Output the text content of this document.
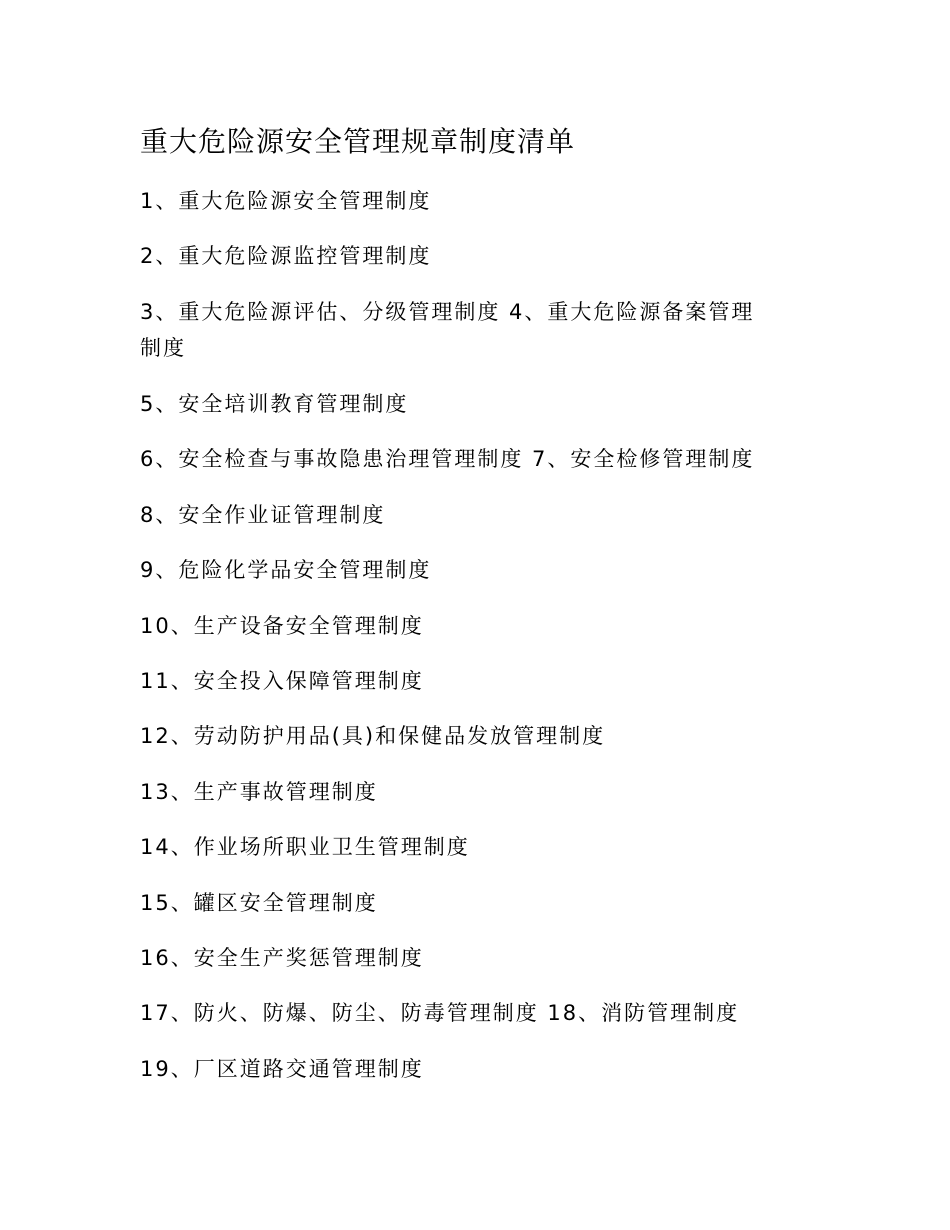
重大危险源安全管理规章制度清单
1、重大危险源安全管理制度
2、重大危险源监控管理制度
3、重大危险源评估、分级管理制度 4、重大危险源备案管理
制度
5、安全培训教育管理制度
6、安全检查与事故隐患治理管理制度 7、安全检修管理制度
8、安全作业证管理制度
9、危险化学品安全管理制度
10、生产设备安全管理制度
11、安全投入保障管理制度
12、劳动防护用品(具)和保健品发放管理制度
13、生产事故管理制度
14、作业场所职业卫生管理制度
15、罐区安全管理制度
16、安全生产奖惩管理制度
17、防火、防爆、防尘、防毒管理制度 18、消防管理制度
19、厂区道路交通管理制度
